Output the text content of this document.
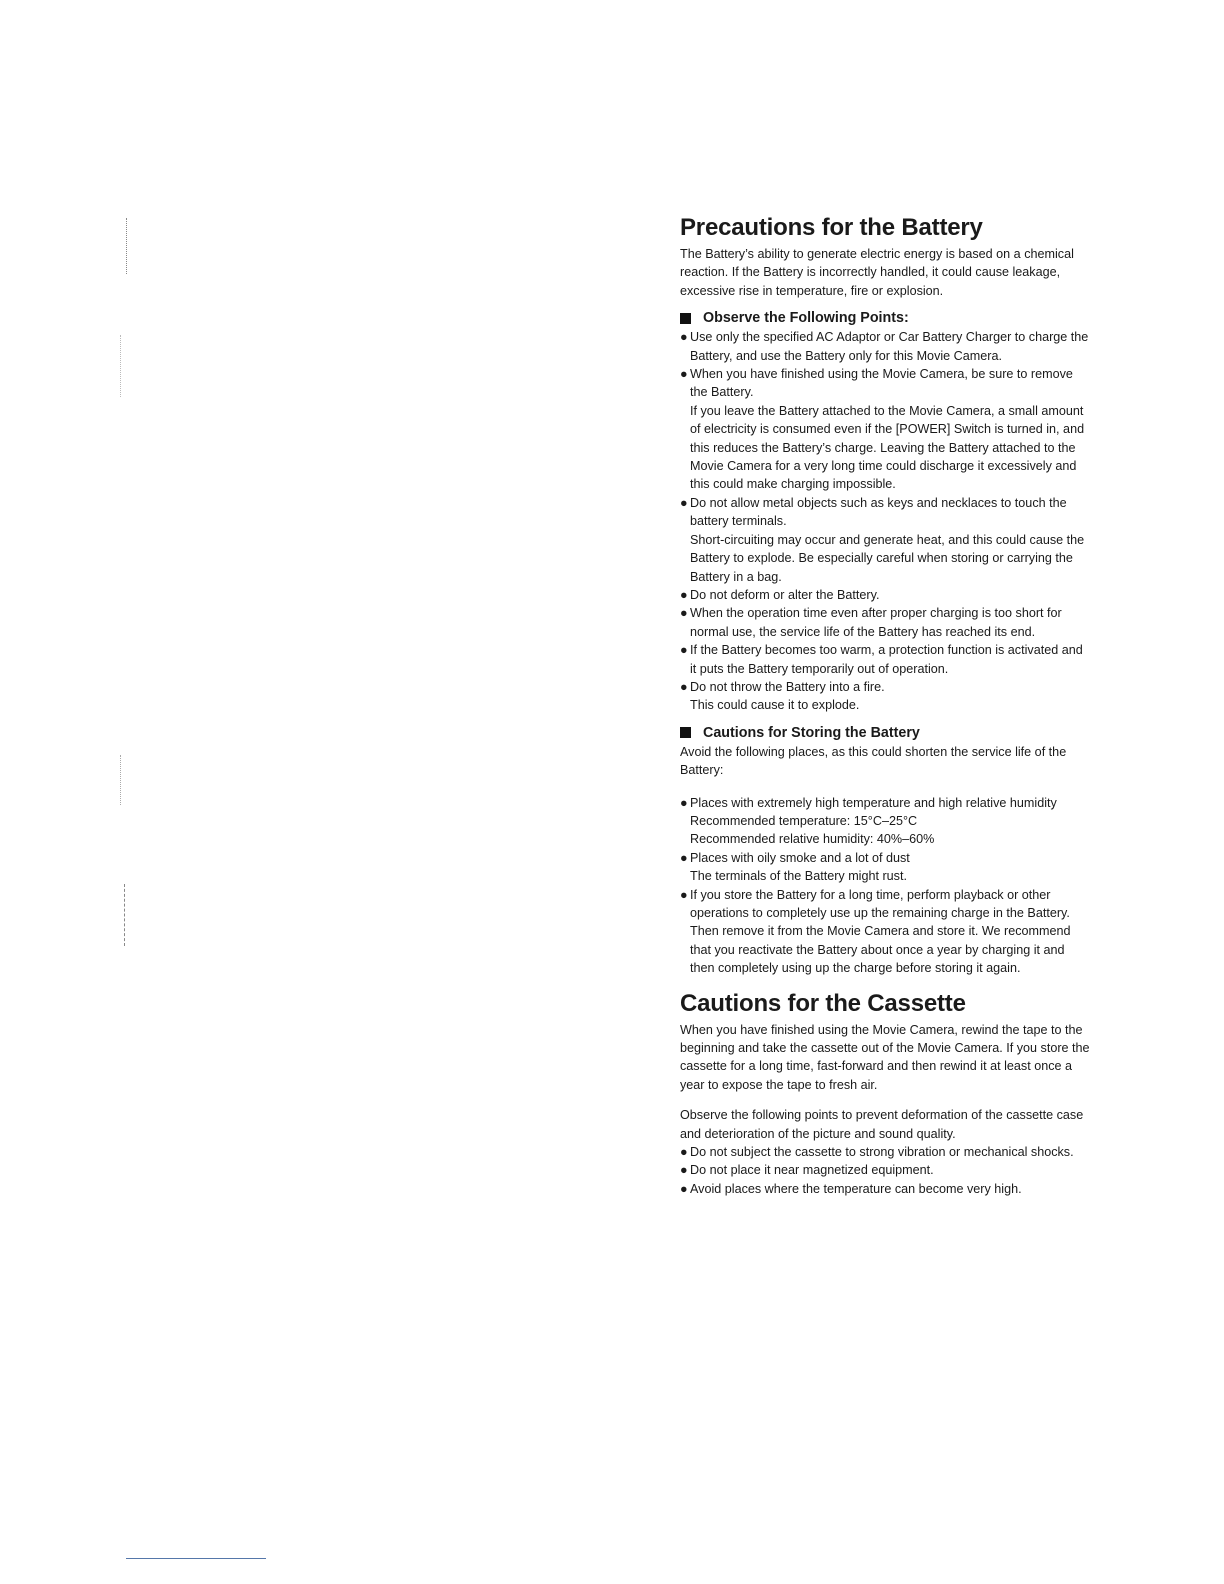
Precautions for the Battery

The Battery’s ability to generate electric energy is based on a chemical reaction. If the Battery is incorrectly handled, it could cause leakage, excessive rise in temperature, fire or explosion.

Observe the Following Points:
● Use only the specified AC Adaptor or Car Battery Charger to charge the Battery, and use the Battery only for this Movie Camera.
● When you have finished using the Movie Camera, be sure to remove the Battery.
If you leave the Battery attached to the Movie Camera, a small amount of electricity is consumed even if the [POWER] Switch is turned in, and this reduces the Battery’s charge. Leaving the Battery attached to the Movie Camera for a very long time could discharge it excessively and this could make charging impossible.
● Do not allow metal objects such as keys and necklaces to touch the battery terminals.
Short-circuiting may occur and generate heat, and this could cause the Battery to explode. Be especially careful when storing or carrying the Battery in a bag.
● Do not deform or alter the Battery.
● When the operation time even after proper charging is too short for normal use, the service life of the Battery has reached its end.
● If the Battery becomes too warm, a protection function is activated and it puts the Battery temporarily out of operation.
● Do not throw the Battery into a fire.
This could cause it to explode.
Cautions for Storing the Battery

Avoid the following places, as this could shorten the service life of the Battery:

● Places with extremely high temperature and high relative humidity
Recommended temperature: 15°C–25°C
Recommended relative humidity: 40%–60%
● Places with oily smoke and a lot of dust
The terminals of the Battery might rust.
● If you store the Battery for a long time, perform playback or other operations to completely use up the remaining charge in the Battery. Then remove it from the Movie Camera and store it. We recommend that you reactivate the Battery about once a year by charging it and then completely using up the charge before storing it again.
Cautions for the Cassette

When you have finished using the Movie Camera, rewind the tape to the beginning and take the cassette out of the Movie Camera. If you store the cassette for a long time, fast-forward and then rewind it at least once a year to expose the tape to fresh air.

Observe the following points to prevent deformation of the cassette case and deterioration of the picture and sound quality.

● Do not subject the cassette to strong vibration or mechanical shocks.
● Do not place it near magnetized equipment.
● Avoid places where the temperature can become very high.
